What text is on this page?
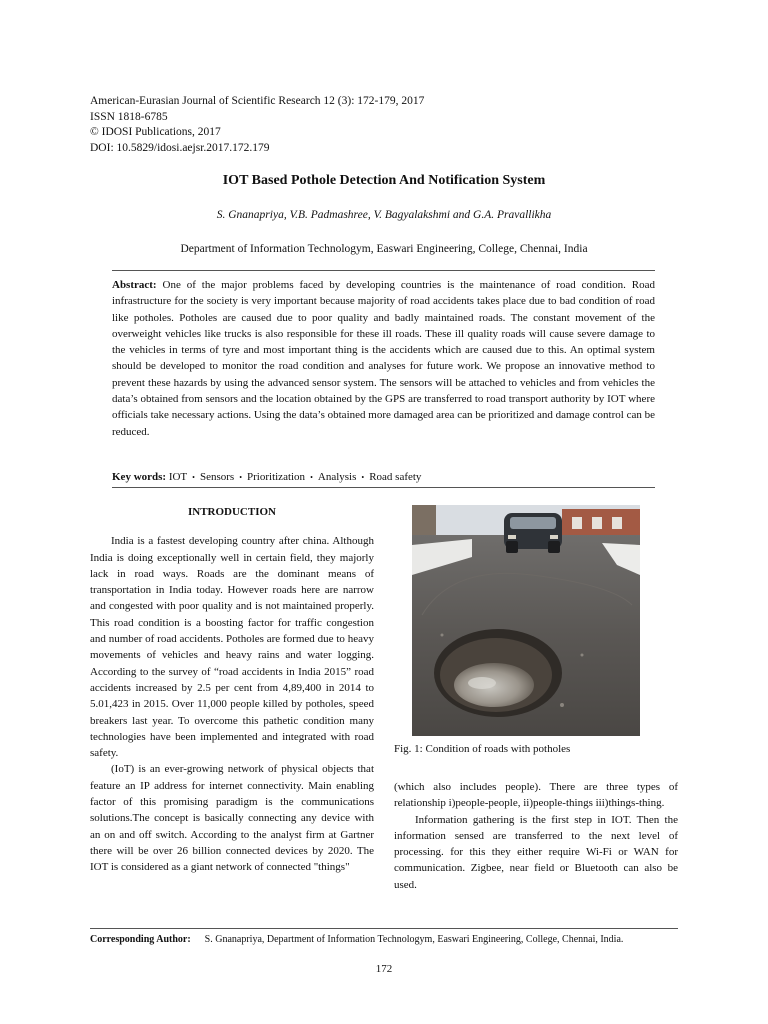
American-Eurasian Journal of Scientific Research 12 (3): 172-179, 2017
ISSN 1818-6785
© IDOSI Publications, 2017
DOI: 10.5829/idosi.aejsr.2017.172.179
IOT Based Pothole Detection And Notification System
S. Gnanapriya, V.B. Padmashree, V. Bagyalakshmi and G.A. Pravallikha
Department of Information Technologym, Easwari Engineering, College, Chennai, India
Abstract: One of the major problems faced by developing countries is the maintenance of road condition. Road infrastructure for the society is very important because majority of road accidents takes place due to bad condition of road like potholes. Potholes are caused due to poor quality and badly maintained roads. The constant movement of the overweight vehicles like trucks is also responsible for these ill roads. These ill quality roads will cause severe damage to the vehicles in terms of tyre and most important thing is the accidents which are caused due to this. An optimal system should be developed to monitor the road condition and analyses for future work. We propose an innovative method to prevent these hazards by using the advanced sensor system. The sensors will be attached to vehicles and from vehicles the data’s obtained from sensors and the location obtained by the GPS are transferred to road transport authority by IOT where officials take necessary actions. Using the data’s obtained more damaged area can be prioritized and damage control can be reduced.
Key words: IOT • Sensors • Prioritization • Analysis • Road safety
INTRODUCTION

India is a fastest developing country after china. Although India is doing exceptionally well in certain field, they majorly lack in road ways. Roads are the dominant means of transportation in India today. However roads here are narrow and congested with poor quality and is not maintained properly. This road condition is a boosting factor for traffic congestion and number of road accidents. Potholes are formed due to heavy movements of vehicles and heavy rains and water logging. According to the survey of “road accidents in India 2015” road accidents increased by 2.5 per cent from 4,89,400 in 2014 to 5.01,423 in 2015. Over 11,000 people killed by potholes, speed breakers last year. To overcome this pathetic condition many technologies have been implemented and integrated with road safety.

(IoT) is an ever-growing network of physical objects that feature an IP address for internet connectivity. Main enabling factor of this promising paradigm is the communications solutions.The concept is basically connecting any device with an on and off switch. According to the analyst firm at Gartner there will be over 26 billion connected devices by 2020. The IOT is considered as a giant network of connected "things"

Fig. 1: Condition of roads with potholes

(which also includes people). There are three types of relationship i)people-people, ii)people-things iii)things-thing.

Information gathering is the first step in IOT. Then the information sensed are transferred to the next level of processing. for this they either require Wi-Fi or WAN for communication. Zigbee, near field or Bluetooth can also be used.

Corresponding Author: S. Gnanapriya, Department of Information Technologym, Easwari Engineering, College, Chennai, India.
172
